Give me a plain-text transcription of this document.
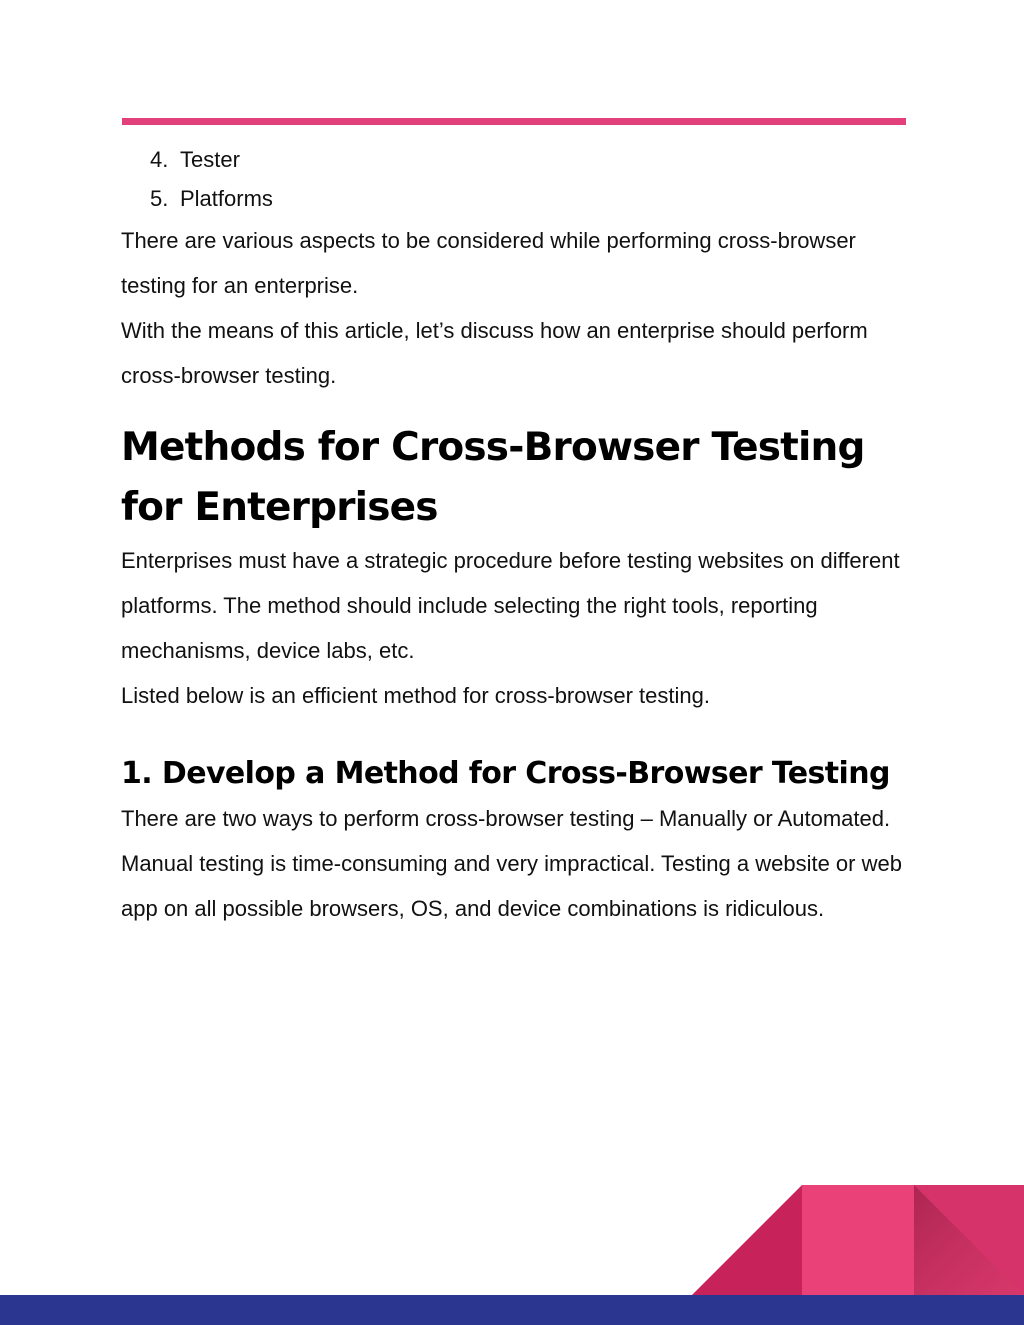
4. Tester
5. Platforms

There are various aspects to be considered while performing cross-browser testing for an enterprise.

With the means of this article, let’s discuss how an enterprise should perform cross-browser testing.

Methods for Cross-Browser Testing for Enterprises

Enterprises must have a strategic procedure before testing websites on different platforms. The method should include selecting the right tools, reporting mechanisms, device labs, etc.

Listed below is an efficient method for cross-browser testing.

1. Develop a Method for Cross-Browser Testing

There are two ways to perform cross-browser testing – Manually or Automated.

Manual testing is time-consuming and very impractical. Testing a website or web app on all possible browsers, OS, and device combinations is ridiculous.
